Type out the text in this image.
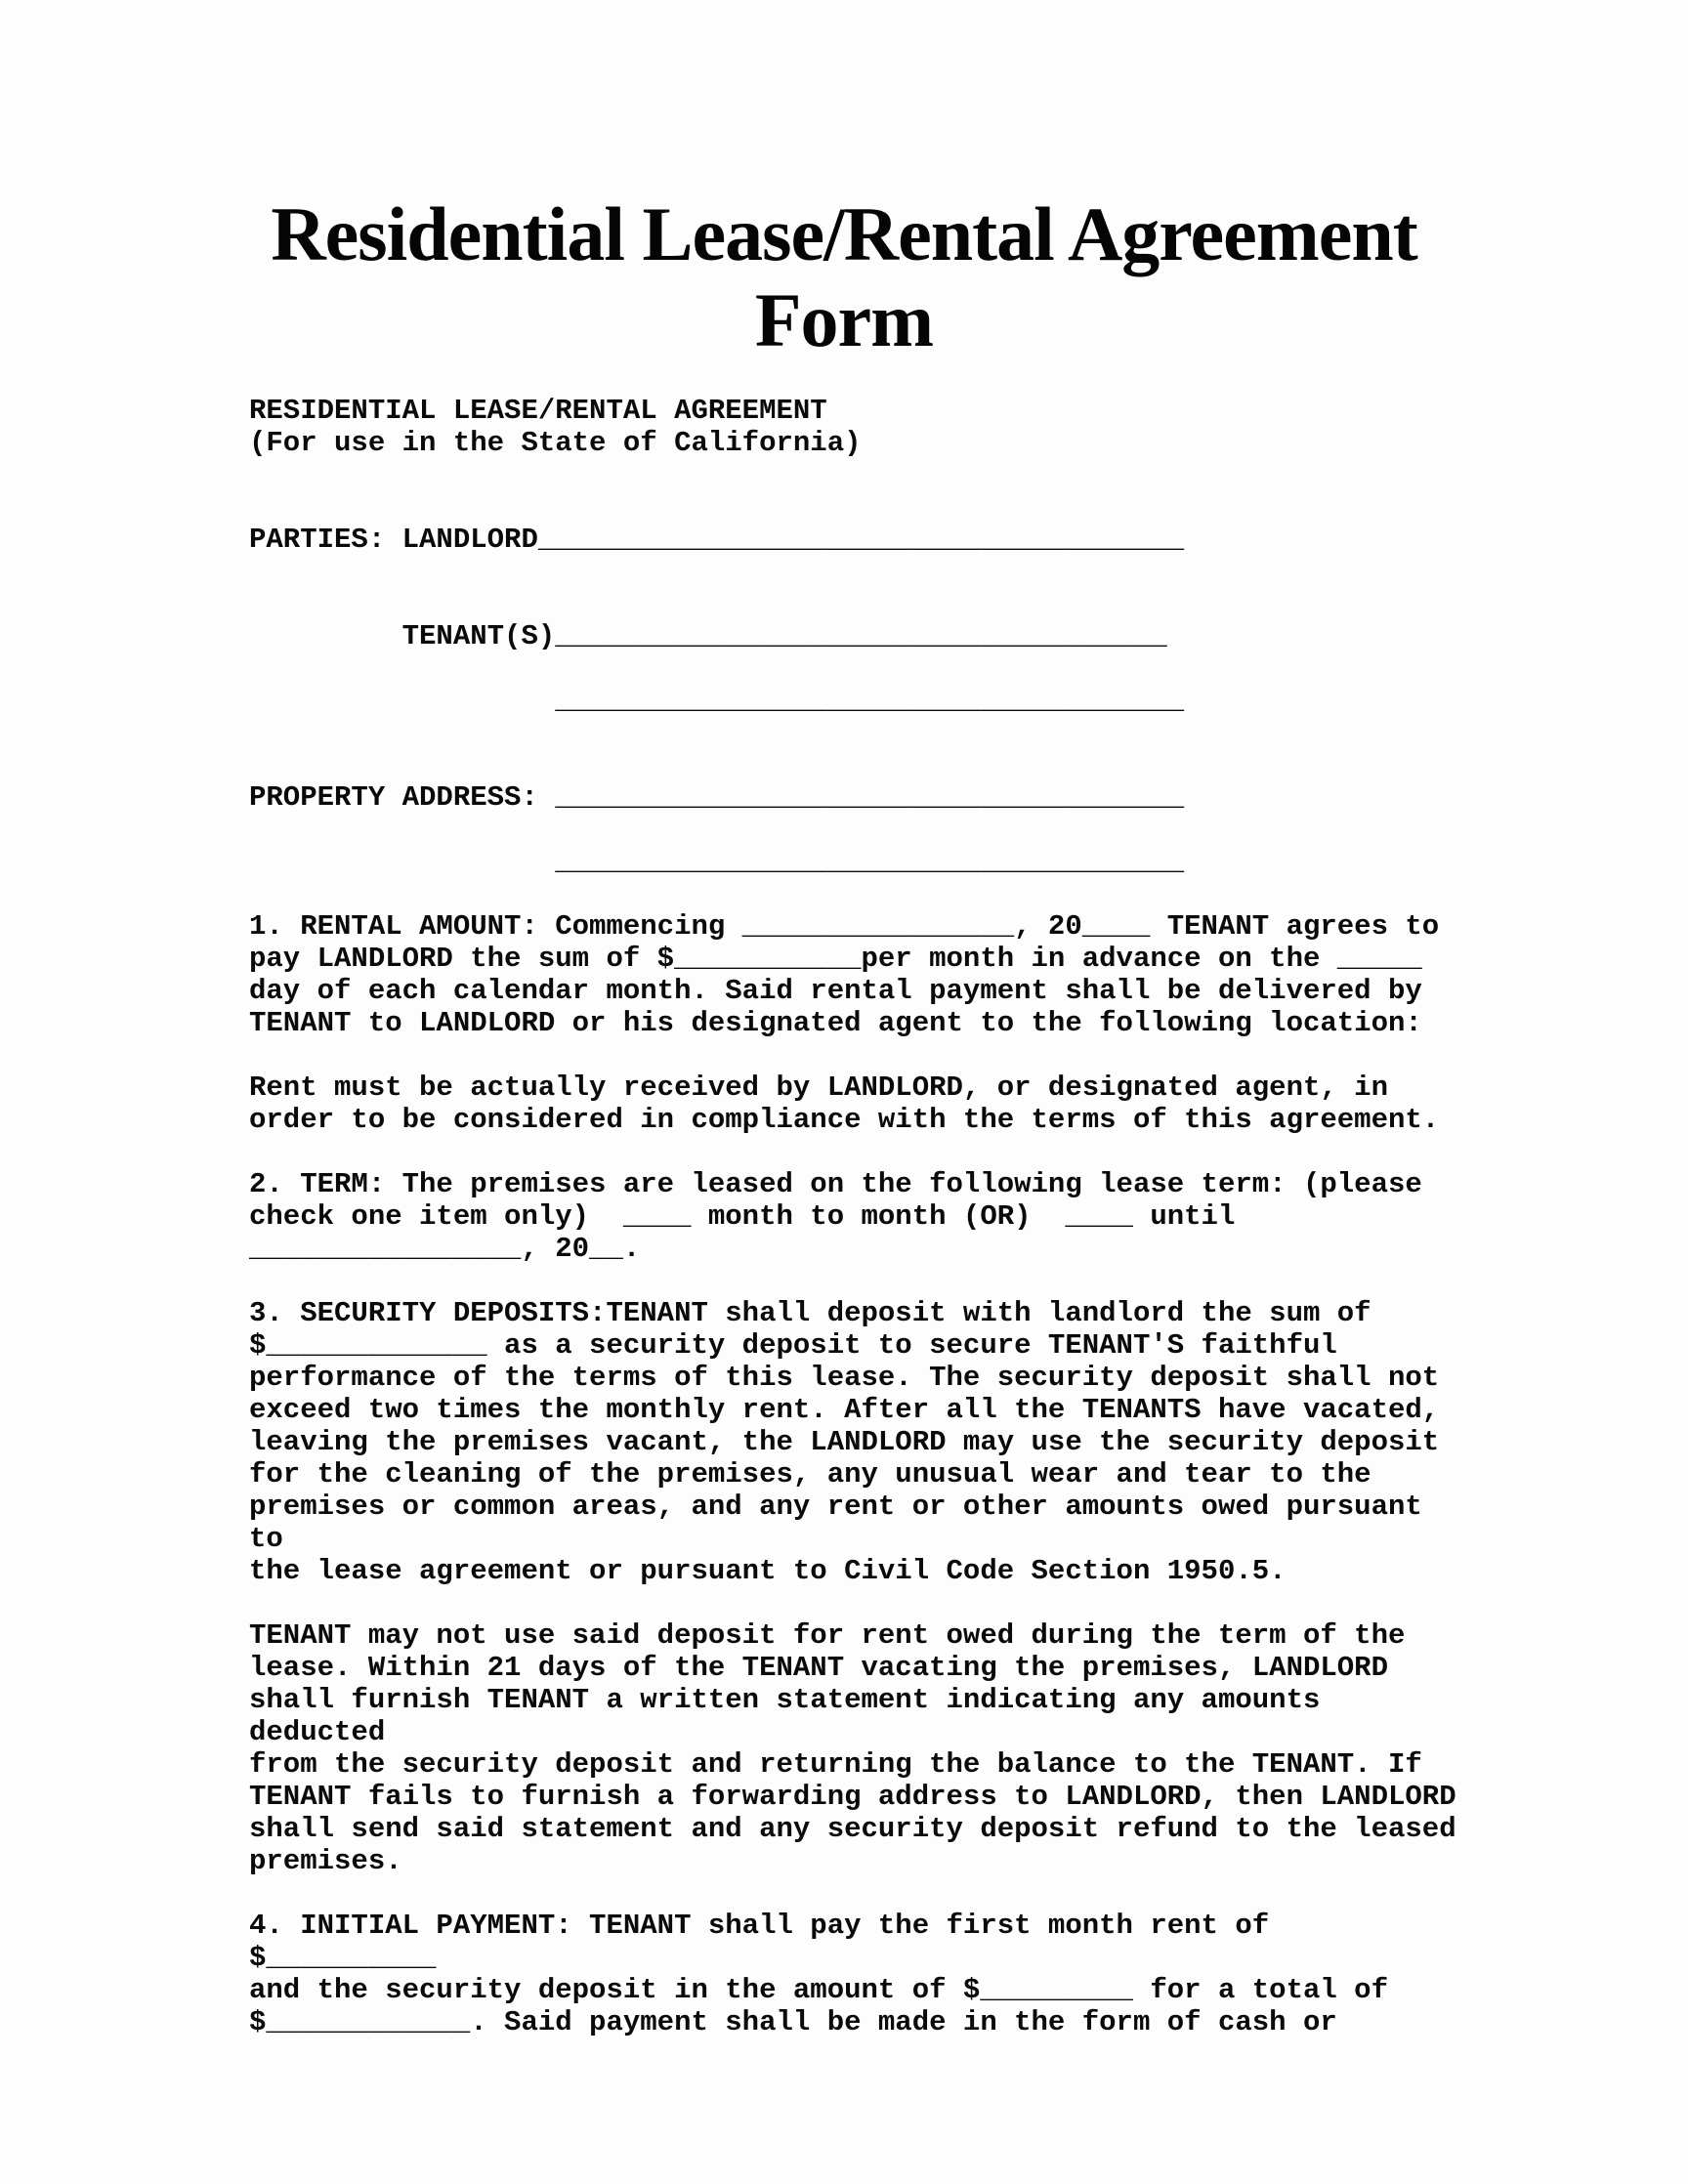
Residential Lease/Rental Agreement
Form
RESIDENTIAL LEASE/RENTAL AGREEMENT
(For use in the State of California)
PARTIES: LANDLORD______________________________________
TENANT(S)____________________________________
_____________________________________
PROPERTY ADDRESS: _____________________________________
_____________________________________
1. RENTAL AMOUNT: Commencing ________________, 20____ TENANT agrees to
pay LANDLORD the sum of $___________per month in advance on the _____
day of each calendar month. Said rental payment shall be delivered by
TENANT to LANDLORD or his designated agent to the following location:
Rent must be actually received by LANDLORD, or designated agent, in
order to be considered in compliance with the terms of this agreement.
2. TERM: The premises are leased on the following lease term: (please
check one item only)  ____ month to month (OR)  ____ until
________________, 20__.
3. SECURITY DEPOSITS:TENANT shall deposit with landlord the sum of
$_____________ as a security deposit to secure TENANT'S faithful
performance of the terms of this lease. The security deposit shall not
exceed two times the monthly rent. After all the TENANTS have vacated,
leaving the premises vacant, the LANDLORD may use the security deposit
for the cleaning of the premises, any unusual wear and tear to the
premises or common areas, and any rent or other amounts owed pursuant
to
the lease agreement or pursuant to Civil Code Section 1950.5.
TENANT may not use said deposit for rent owed during the term of the
lease. Within 21 days of the TENANT vacating the premises, LANDLORD
shall furnish TENANT a written statement indicating any amounts
deducted
from the security deposit and returning the balance to the TENANT. If
TENANT fails to furnish a forwarding address to LANDLORD, then LANDLORD
shall send said statement and any security deposit refund to the leased
premises.
4. INITIAL PAYMENT: TENANT shall pay the first month rent of
$__________
and the security deposit in the amount of $_________ for a total of
$____________. Said payment shall be made in the form of cash or
